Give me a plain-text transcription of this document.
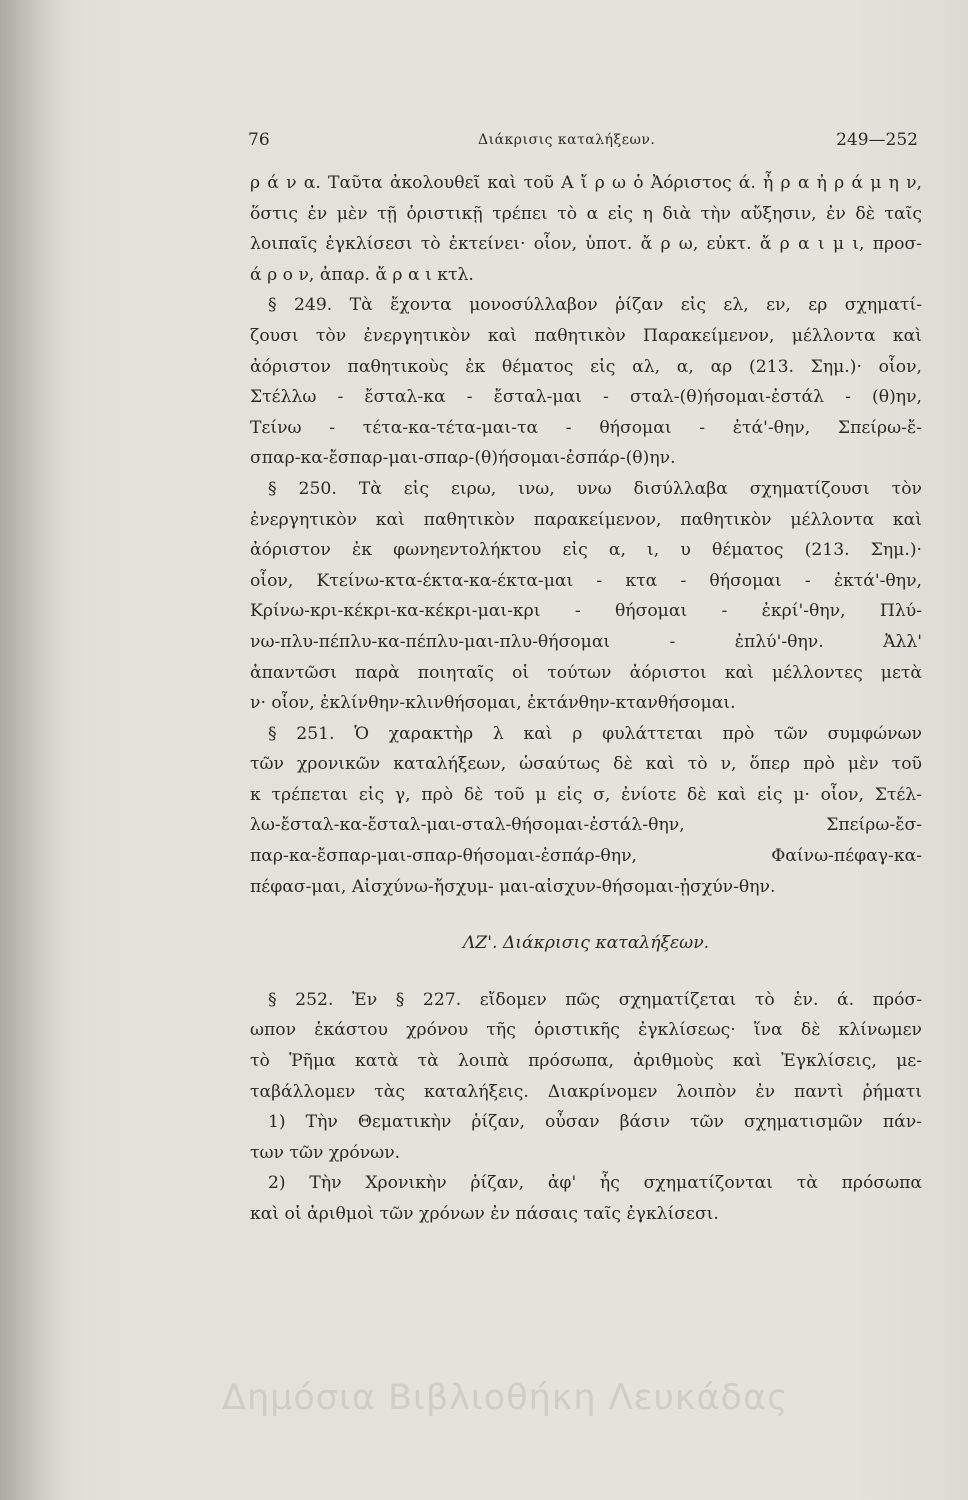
76	Διάκρισις καταλήξεων.	249—252
ρ ά ν α. Ταῦτα ἀκολουθεῖ καὶ τοῦ Α ἴ ρ ω ὁ Ἀόριστος ά. ἦ ρ α ἠ ρ ά μ η ν,
ὅστις ἐν μὲν τῇ ὁριστικῇ τρέπει τὸ α εἰς η διὰ τὴν αὔξησιν, ἐν δὲ ταῖς
λοιπαῖς ἐγκλίσεσι τὸ ἐκτείνει· οἷον, ὑποτ. ἄ ρ ω, εὐκτ. ἄ ρ α ι μ ι, προσ-
ά ρ ο ν, ἀπαρ. ἄ ρ α ι κτλ.
§ 249. Τὰ ἔχοντα μονοσύλλαβον ῥίζαν εἰς ελ, εν, ερ σχηματί-
ζουσι τὸν ἐνεργητικὸν καὶ παθητικὸν Παρακείμενον, μέλλοντα καὶ
ἀόριστον παθητικοὺς ἐκ θέματος εἰς αλ, α, αρ (213. Σημ.)· οἷον,
Στέλλω - ἔσταλ-κα - ἔσταλ-μαι - σταλ-(θ)ήσομαι-ἐστάλ - (θ)ην,
Τείνω - τέτα-κα-τέτα-μαι-τα - θήσομαι - ἐτά'-θην, Σπείρω-ἔ-
σπαρ-κα-ἔσπαρ-μαι-σπαρ-(θ)ήσομαι-ἐσπάρ-(θ)ην.
§ 250. Τὰ εἰς ειρω, ινω, υνω δισύλλαβα σχηματίζουσι τὸν
ἐνεργητικὸν καὶ παθητικὸν παρακείμενον, παθητικὸν μέλλοντα καὶ
ἀόριστον ἐκ φωνηεντολήκτου εἰς α, ι, υ θέματος (213. Σημ.)·
οἷον, Κτείνω-κτα-έκτα-κα-έκτα-μαι - κτα - θήσομαι - ἐκτά'-θην,
Κρίνω-κρι-κέκρι-κα-κέκρι-μαι-κρι - θήσομαι - ἐκρί'-θην, Πλύ-
νω-πλυ-πέπλυ-κα-πέπλυ-μαι-πλυ-θήσομαι - ἐπλύ'-θην. Ἀλλ'
ἀπαντῶσι παρὰ ποιηταῖς οἱ τούτων ἀόριστοι καὶ μέλλοντες μετὰ
ν· οἷον, ἐκλίνθην-κλινθήσομαι, ἐκτάνθην-κτανθήσομαι.
§ 251. Ὁ χαρακτὴρ λ καὶ ρ φυλάττεται πρὸ τῶν συμφώνων
τῶν χρονικῶν καταλήξεων, ὡσαύτως δὲ καὶ τὸ ν, ὅπερ πρὸ μὲν τοῦ
κ τρέπεται εἰς γ, πρὸ δὲ τοῦ μ εἰς σ, ἐνίοτε δὲ καὶ εἰς μ· οἷον, Στέλ-
λω-ἔσταλ-κα-ἔσταλ-μαι-σταλ-θήσομαι-ἐστάλ-θην, Σπείρω-ἔσ-
παρ-κα-ἔσπαρ-μαι-σπαρ-θήσομαι-ἐσπάρ-θην, Φαίνω-πέφαγ-κα-
πέφασ-μαι, Αἰσχύνω-ἤσχυμ- μαι-αἰσχυν-θήσομαι-ᾐσχύν-θην.
ΛΖ'. Διάκρισις καταλήξεων.
§ 252. Ἐν § 227. εἴδομεν πῶς σχηματίζεται τὸ ἑν. ά. πρόσ-
ωπον ἑκάστου χρόνου τῆς ὁριστικῆς ἐγκλίσεως· ἵνα δὲ κλίνωμεν
τὸ Ῥῆμα κατὰ τὰ λοιπὰ πρόσωπα, ἀριθμοὺς καὶ Ἐγκλίσεις, με-
ταβάλλομεν τὰς καταλήξεις. Διακρίνομεν λοιπὸν ἐν παντὶ ῥήματι
1) Τὴν Θεματικὴν ῥίζαν, οὖσαν βάσιν τῶν σχηματισμῶν πάν-
των τῶν χρόνων.
2) Τὴν Χρονικὴν ῥίζαν, ἀφ' ἧς σχηματίζονται τὰ πρόσωπα
καὶ οἱ ἀριθμοὶ τῶν χρόνων ἐν πάσαις ταῖς ἐγκλίσεσι.
Δημόσια Βιβλιοθήκη Λευκάδας
